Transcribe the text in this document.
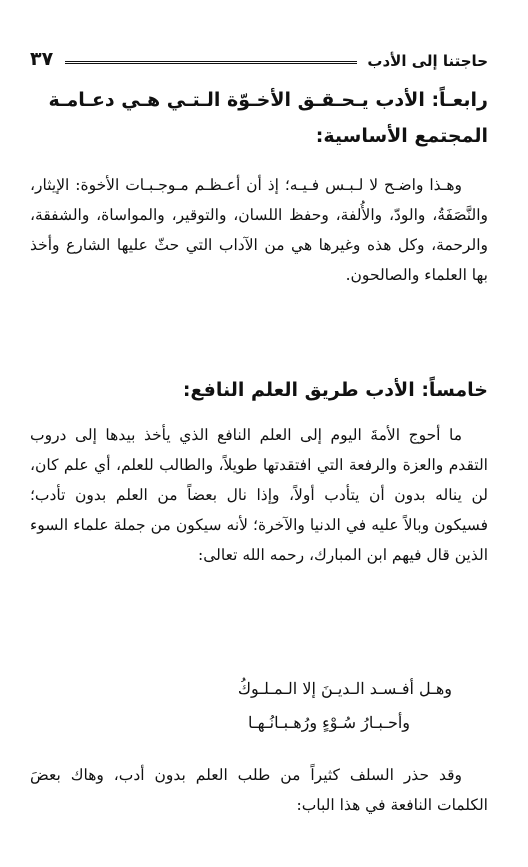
حاجتنا إلى الأدب
٣٧
رابعـاً: الأدب يـحـقـق الأخـوّة الـتـي هـي دعـامـة المجتمع الأساسية:

وهـذا واضـح لا لـبـس فـيـه؛ إذ أن أعـظـم مـوجـبـات الأخوة: الإيثار، والنَّصَفَةُ، والودّ، والأُلفة، وحفظ اللسان، والتوقير، والمواساة، والشفقة، والرحمة، وكل هذه وغيرها هي من الآداب التي حثّ عليها الشارع وأخذ بها العلماء والصالحون.

خامساً: الأدب طريق العلم النافع:

ما أحوج الأمةَ اليوم إلى العلم النافع الذي يأخذ بيدها إلى دروب التقدم والعزة والرفعة التي افتقدتها طويلاً، والطالب للعلم، أي علم كان، لن يناله بدون أن يتأدب أولاً، وإذا نال بعضاً من العلم بدون تأدب؛ فسيكون وبالاً عليه في الدنيا والآخرة؛ لأنه سيكون من جملة علماء السوء الذين قال فيهم ابن المبارك، رحمه الله تعالى:

وهـل أفـسـد الـديـنَ إلا الـمـلـوكُ
وأحـبـارُ سُـوْءٍ ورُهـبـانُـهـا

وقد حذر السلف كثيراً من طلب العلم بدون أدب، وهاك بعضَ الكلمات النافعة في هذا الباب:
